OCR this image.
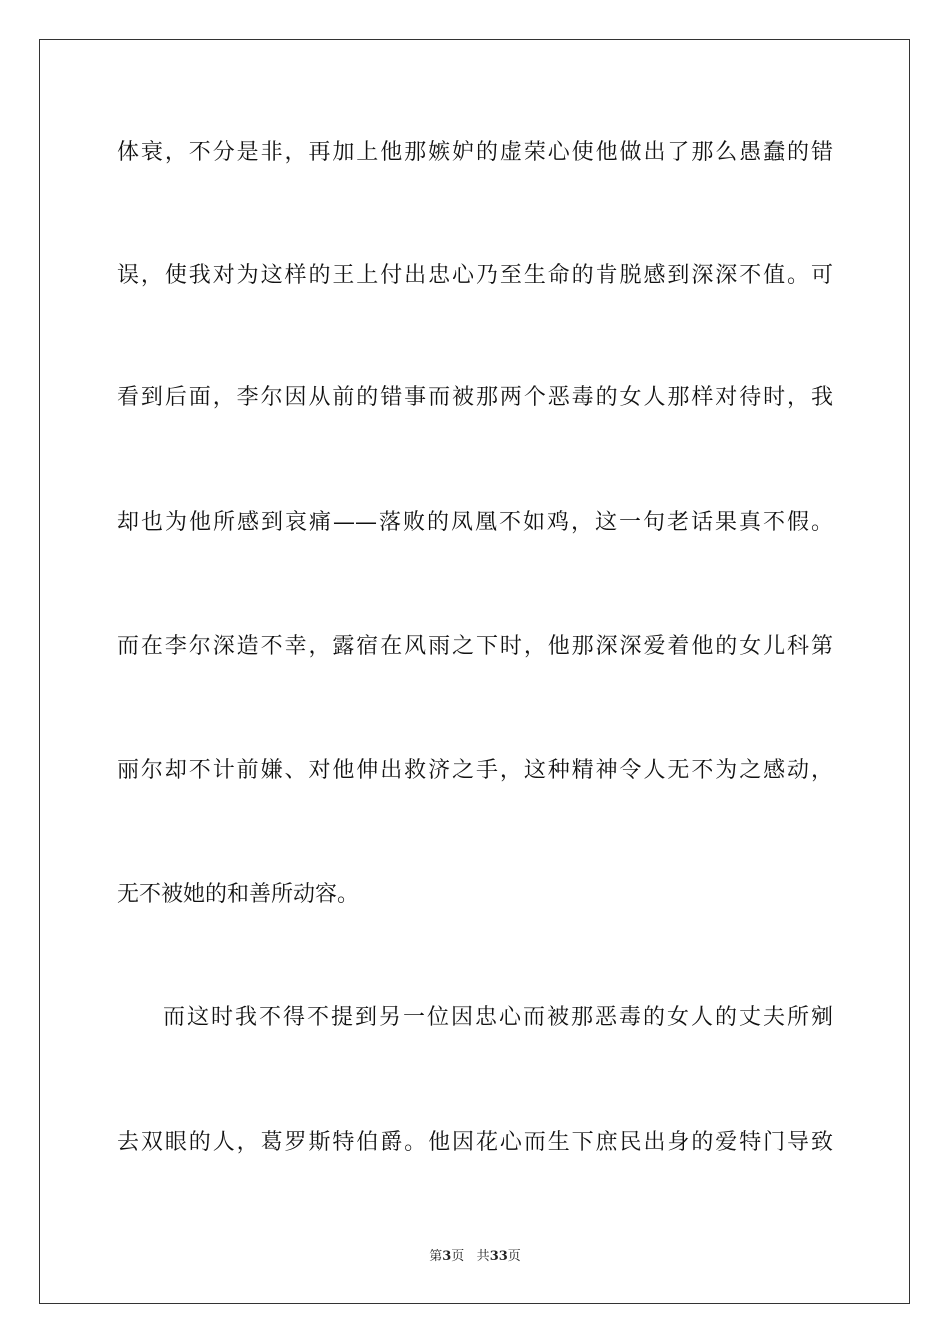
体衰，不分是非，再加上他那嫉妒的虚荣心使他做出了那么愚蠢的错
误，使我对为这样的王上付出忠心乃至生命的肯脱感到深深不值。可
看到后面，李尔因从前的错事而被那两个恶毒的女人那样对待时，我
却也为他所感到哀痛——落败的凤凰不如鸡，这一句老话果真不假。
而在李尔深造不幸，露宿在风雨之下时，他那深深爱着他的女儿科第
丽尔却不计前嫌、对他伸出救济之手，这种精神令人无不为之感动，
无不被她的和善所动容。
而这时我不得不提到另一位因忠心而被那恶毒的女人的丈夫所剜
去双眼的人，葛罗斯特伯爵。他因花心而生下庶民出身的爱特门导致
第3页 共33页
